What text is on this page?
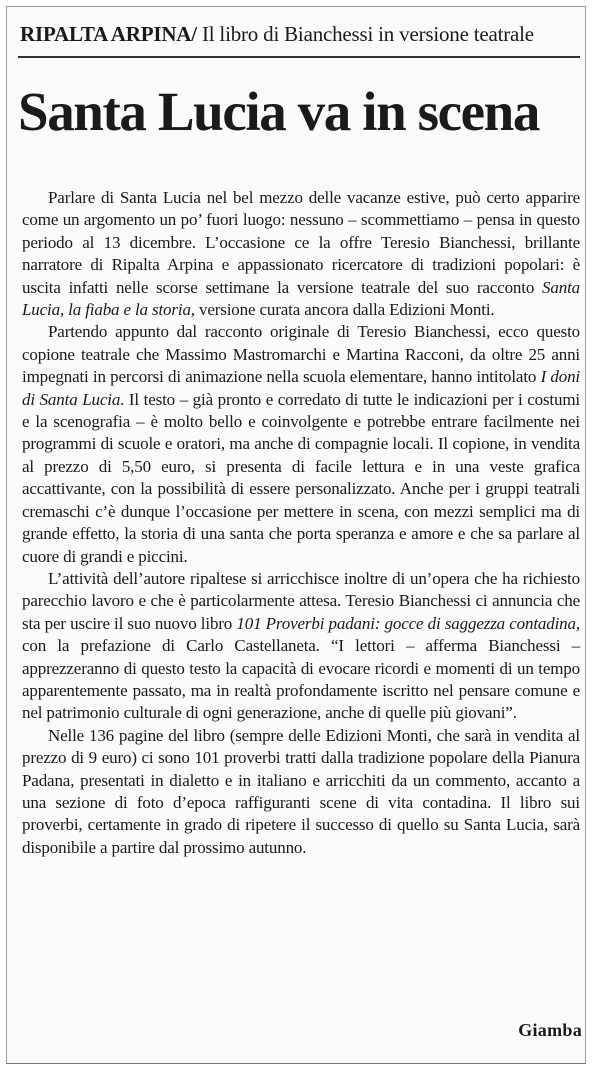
RIPALTA ARPINA/ Il libro di Bianchessi in versione teatrale
Santa Lucia va in scena

Parlare di Santa Lucia nel bel mezzo delle vacanze estive, può certo apparire come un argomento un po’ fuori luogo: nessuno – scommettiamo – pensa in questo periodo al 13 dicembre. L’occasione ce la offre Teresio Bianchessi, brillante narratore di Ripalta Arpina e appassionato ricercatore di tradizioni popolari: è uscita infatti nelle scorse settimane la versione teatrale del suo racconto Santa Lucia, la fiaba e la storia, versione curata ancora dalla Edizioni Monti.

Partendo appunto dal racconto originale di Teresio Bianchessi, ecco questo copione teatrale che Massimo Mastromarchi e Martina Racconi, da oltre 25 anni impegnati in percorsi di animazione nella scuola elementare, hanno intitolato I doni di Santa Lucia. Il testo – già pronto e corredato di tutte le indicazioni per i costumi e la scenografia – è molto bello e coinvolgente e potrebbe entrare facilmente nei programmi di scuole e oratori, ma anche di compagnie locali. Il copione, in vendita al prezzo di 5,50 euro, si presenta di facile lettura e in una veste grafica accattivante, con la possibilità di essere personalizzato. Anche per i gruppi teatrali cremaschi c’è dunque l’occasione per mettere in scena, con mezzi semplici ma di grande effetto, la storia di una santa che porta speranza e amore e che sa parlare al cuore di grandi e piccini.

L’attività dell’autore ripaltese si arricchisce inoltre di un’opera che ha richiesto parecchio lavoro e che è particolarmente attesa. Teresio Bianchessi ci annuncia che sta per uscire il suo nuovo libro 101 Proverbi padani: gocce di saggezza contadina, con la prefazione di Carlo Castellaneta. “I lettori – afferma Bianchessi – apprezzeranno di questo testo la capacità di evocare ricordi e momenti di un tempo apparentemente passato, ma in realtà profondamente iscritto nel pensare comune e nel patrimonio culturale di ogni generazione, anche di quelle più giovani”.

Nelle 136 pagine del libro (sempre delle Edizioni Monti, che sarà in vendita al prezzo di 9 euro) ci sono 101 proverbi tratti dalla tradizione popolare della Pianura Padana, presentati in dialetto e in italiano e arricchiti da un commento, accanto a una sezione di foto d’epoca raffiguranti scene di vita contadina. Il libro sui proverbi, certamente in grado di ripetere il successo di quello su Santa Lucia, sarà disponibile a partire dal prossimo autunno.

Giamba
